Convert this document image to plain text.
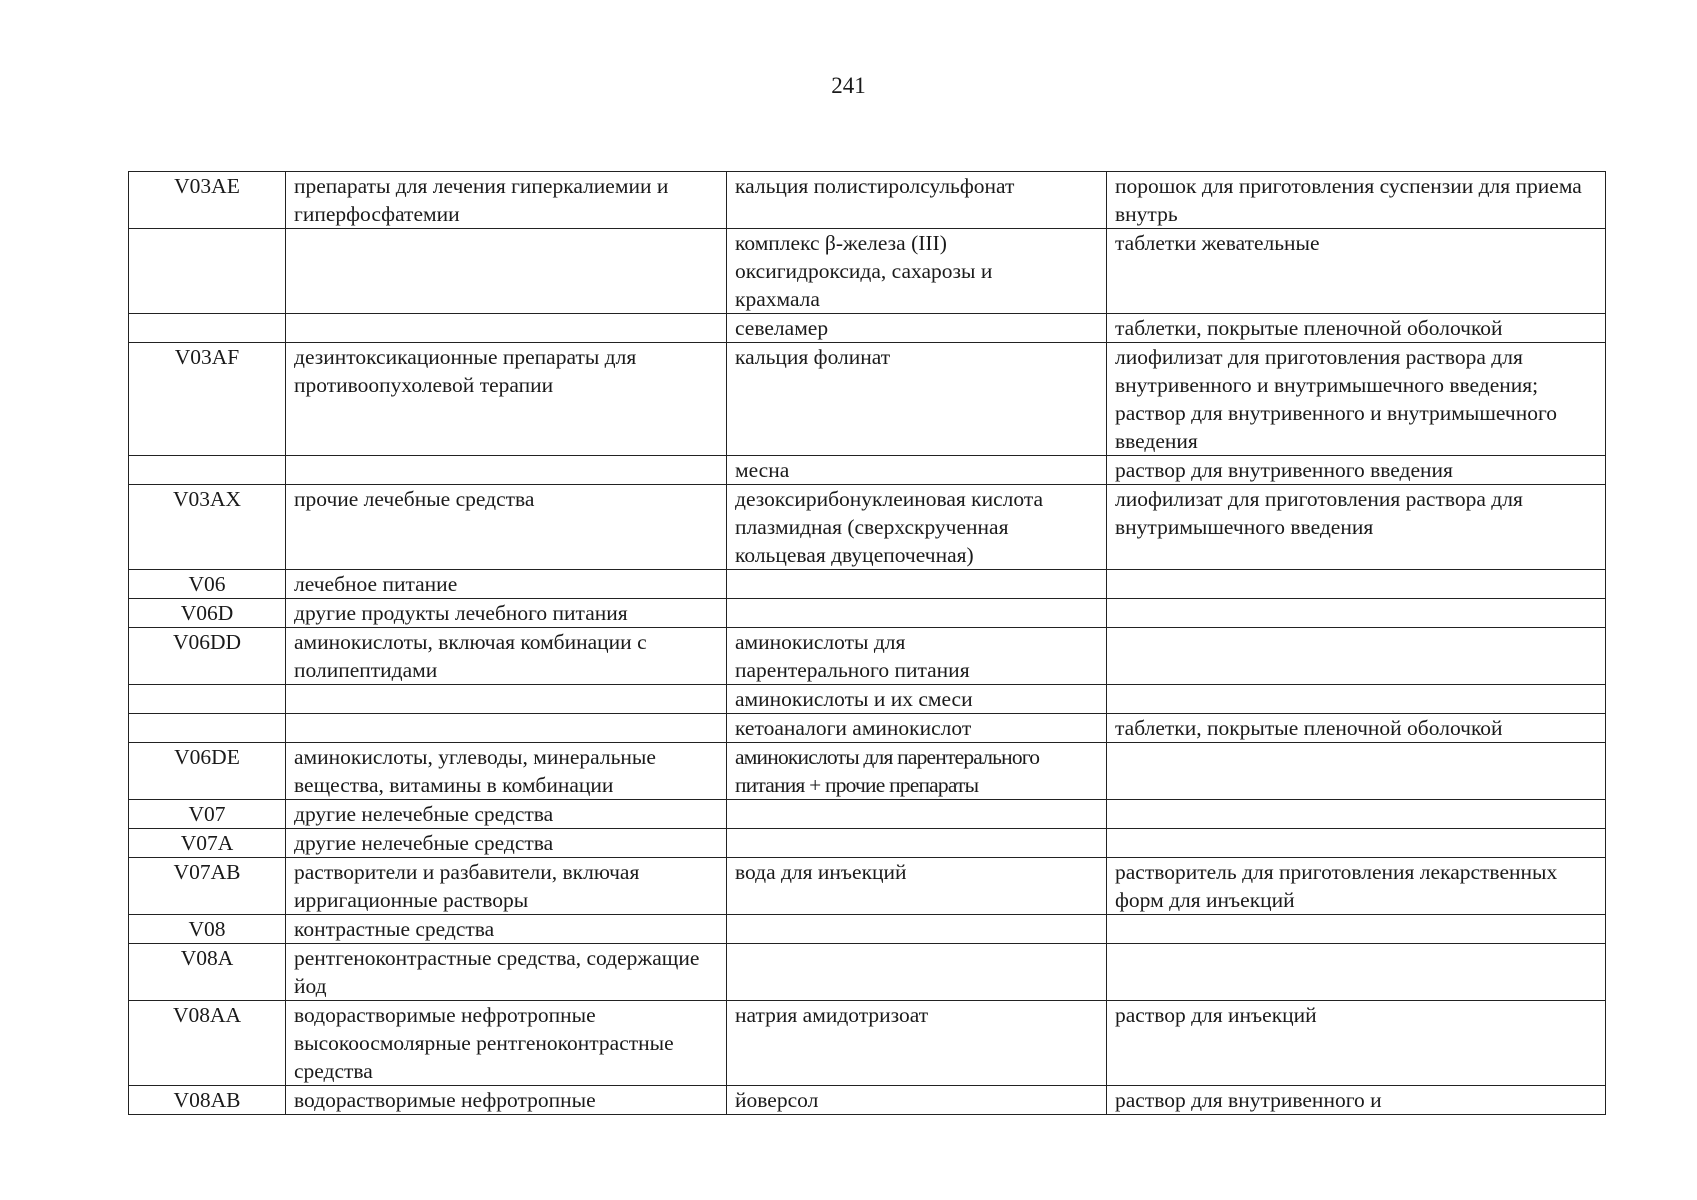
241
V03AE	препараты для лечения гиперкалиемии и гиперфосфатемии	кальция полистиролсульфонат	порошок для приготовления суспензии для приема внутрь
		комплекс β-железа (III) оксигидроксида, сахарозы и крахмала	таблетки жевательные
		севеламер	таблетки, покрытые пленочной оболочкой
V03AF	дезинтоксикационные препараты для противоопухолевой терапии	кальция фолинат	лиофилизат для приготовления раствора для внутривенного и внутримышечного введения; раствор для внутривенного и внутримышечного введения
		месна	раствор для внутривенного введения
V03AX	прочие лечебные средства	дезоксирибонуклеиновая кислота плазмидная (сверхскрученная кольцевая двуцепочечная)	лиофилизат для приготовления раствора для внутримышечного введения
V06	лечебное питание		
V06D	другие продукты лечебного питания		
V06DD	аминокислоты, включая комбинации с полипептидами	аминокислоты для парентерального питания	
		аминокислоты и их смеси	
		кетоаналоги аминокислот	таблетки, покрытые пленочной оболочкой
V06DE	аминокислоты, углеводы, минеральные вещества, витамины в комбинации	аминокислоты для парентерального питания + прочие препараты	
V07	другие нелечебные средства		
V07A	другие нелечебные средства		
V07AB	растворители и разбавители, включая ирригационные растворы	вода для инъекций	растворитель для приготовления лекарственных форм для инъекций
V08	контрастные средства		
V08A	рентгеноконтрастные средства, содержащие йод		
V08AA	водорастворимые нефротропные высокоосмолярные рентгеноконтрастные средства	натрия амидотризоат	раствор для инъекций
V08AB	водорастворимые нефротропные	йоверсол	раствор для внутривенного и
